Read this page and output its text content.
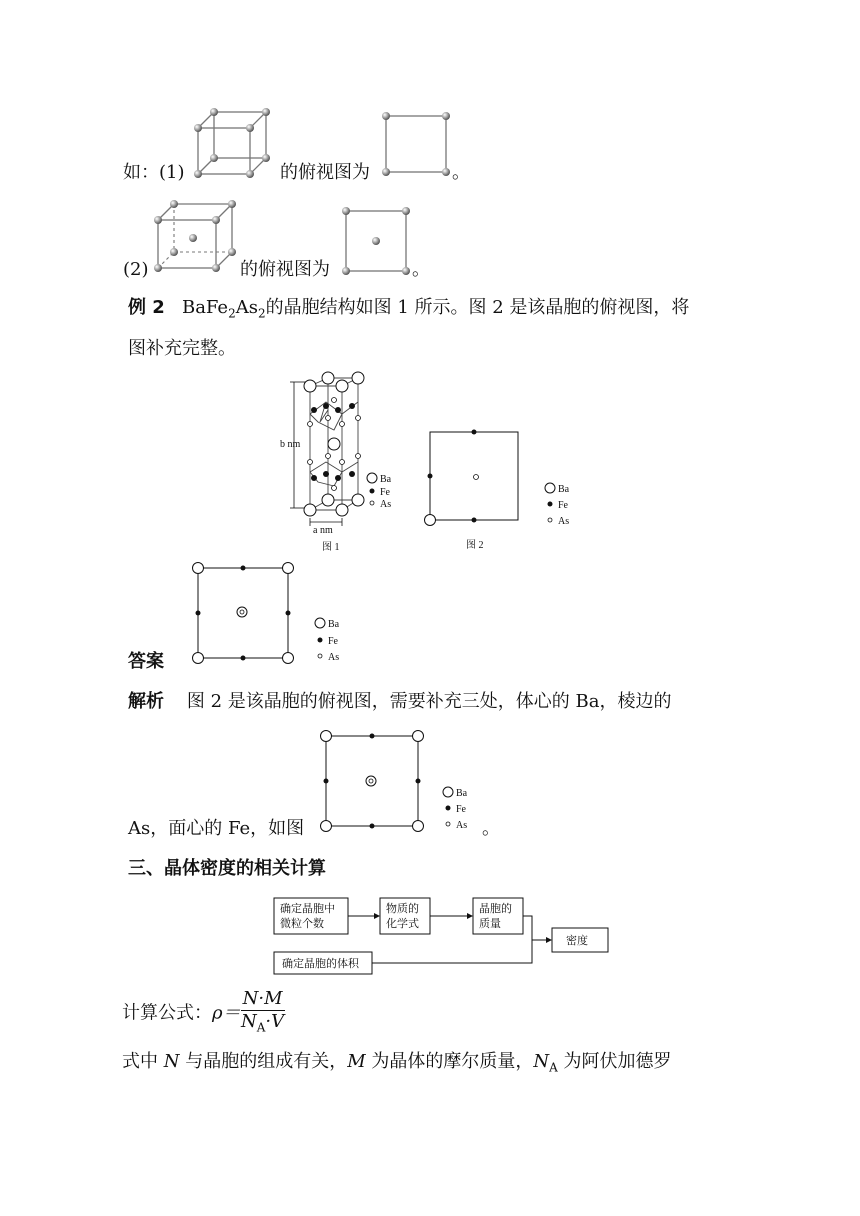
如：(1)	的俯视图为	。
(2)	的俯视图为	。
例 2 $BaFe_2As_2$的晶胞结构如图 1 所示。图 2 是该晶胞的俯视图，将
图补充完整。
b nm
a nm
图 1
Ba
Fe
As
图 2
Ba
Fe
As
答案
Ba
Fe
As
解析 图 2 是该晶胞的俯视图，需要补充三处，体心的 Ba，棱边的
As，面心的 Fe，如图
Ba
Fe
As 。
三、晶体密度的相关计算
确定晶胞中
微粒个数
物质的
化学式
晶胞的
质量
密度
确定晶胞的体积
计算公式：$\rho= \frac{N\cdot M}{N_A\cdot V}$
式中 N 与晶胞的组成有关，M 为晶体的摩尔质量，$N_A$ 为阿伏加德罗
